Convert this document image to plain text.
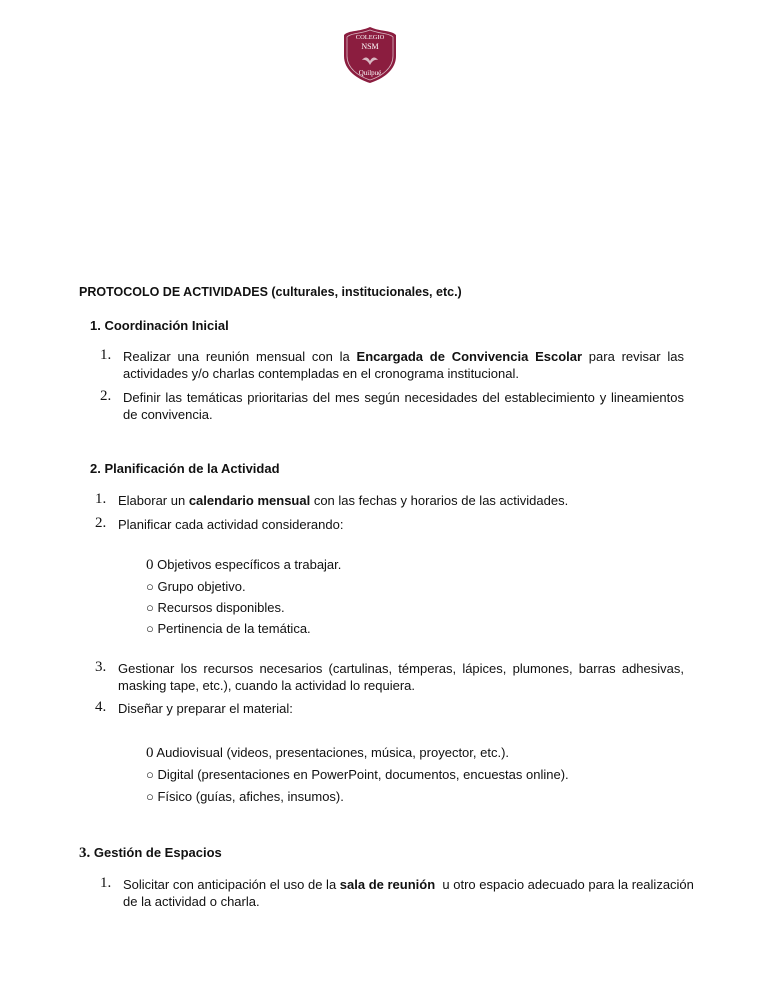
COLEGIO
NSM
Quilpué
PROTOCOLO DE ACTIVIDADES (culturales, institucionales, etc.)
1. Coordinación Inicial
1. Realizar una reunión mensual con la Encargada de Convivencia Escolar para revisar las actividades y/o charlas contempladas en el cronograma institucional.
2. Definir las temáticas prioritarias del mes según necesidades del establecimiento y lineamientos de convivencia.
2. Planificación de la Actividad
1. Elaborar un calendario mensual con las fechas y horarios de las actividades.
2. Planificar cada actividad considerando:
0 Objetivos específicos a trabajar.
○ Grupo objetivo.
○ Recursos disponibles.
○ Pertinencia de la temática.
3. Gestionar los recursos necesarios (cartulinas, témperas, lápices, plumones, barras adhesivas, masking tape, etc.), cuando la actividad lo requiera.
4. Diseñar y preparar el material:
0 Audiovisual (videos, presentaciones, música, proyector, etc.).
○ Digital (presentaciones en PowerPoint, documentos, encuestas online).
○ Físico (guías, afiches, insumos).
3. Gestión de Espacios
1. Solicitar con anticipación el uso de la sala de reunión  u otro espacio adecuado para la realización de la actividad o charla.
